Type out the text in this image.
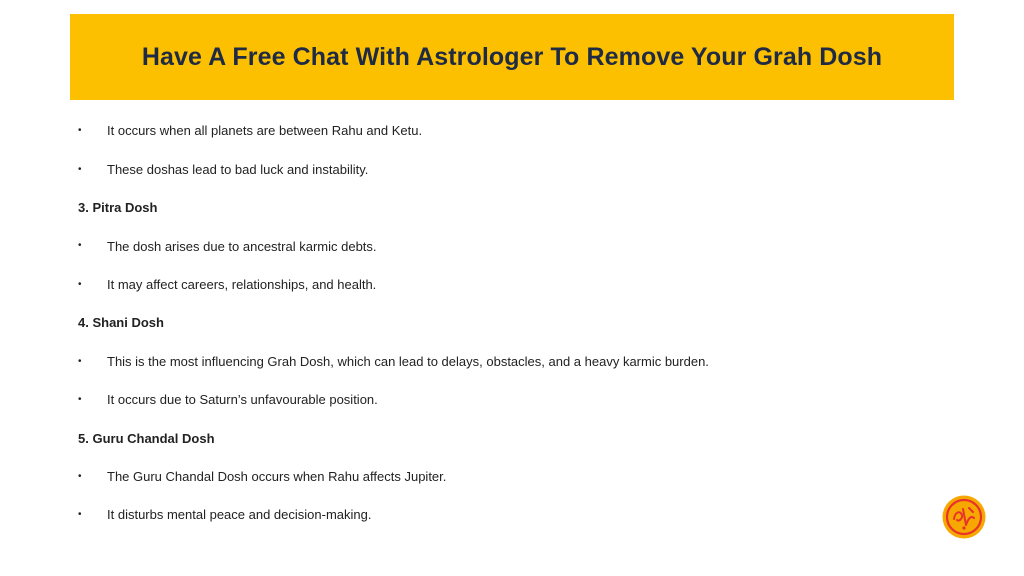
Have A Free Chat With Astrologer To Remove Your Grah Dosh
•	It occurs when all planets are between Rahu and Ketu.
•	These doshas lead to bad luck and instability.
3. Pitra Dosh
•	The dosh arises due to ancestral karmic debts.
•	It may affect careers, relationships, and health.
4. Shani Dosh
•	This is the most influencing Grah Dosh, which can lead to delays, obstacles, and a heavy karmic burden.
•	It occurs due to Saturn’s unfavourable position.
5. Guru Chandal Dosh
•	The Guru Chandal Dosh occurs when Rahu affects Jupiter.
•	It disturbs mental peace and decision-making.
